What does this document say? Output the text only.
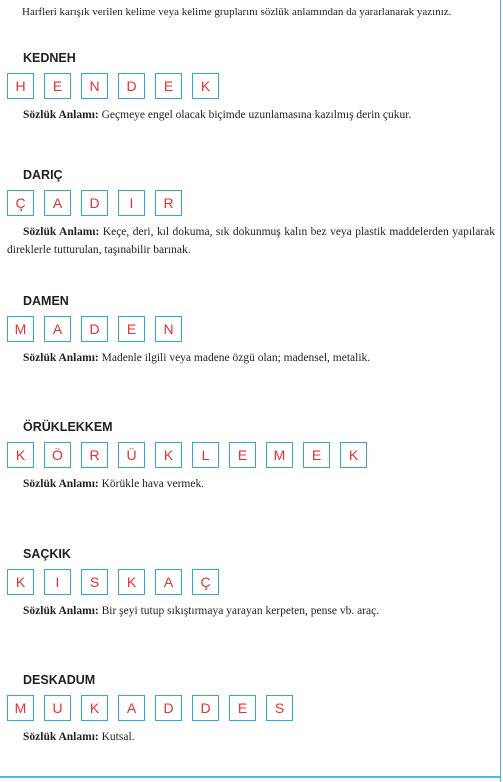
Harfleri karışık verilen kelime veya kelime gruplarını sözlük anlamından da yararlanarak yazınız.
KEDNEH
H	E	N	D	E	K
Sözlük Anlamı: Geçmeye engel olacak biçimde uzunlamasına kazılmış derin çukur.
DARIÇ
Ç	A	D	I	R
Sözlük Anlamı: Keçe, deri, kıl dokuma, sık dokunmuş kalın bez veya plastik maddelerden yapılarak direklerle tutturulan, taşınabilir barınak.
DAMEN
M	A	D	E	N
Sözlük Anlamı: Madenle ilgili veya madene özgü olan; madensel, metalik.
ÖRÜKLEKKEM
K	Ö	R	Ü	K	L	E	M	E	K
Sözlük Anlamı: Körükle hava vermek.
SAÇKIK
K	I	S	K	A	Ç
Sözlük Anlamı: Bir şeyi tutup sıkıştırmaya yarayan kerpeten, pense vb. araç.
DESKADUM
M	U	K	A	D	D	E	S
Sözlük Anlamı: Kutsal.
